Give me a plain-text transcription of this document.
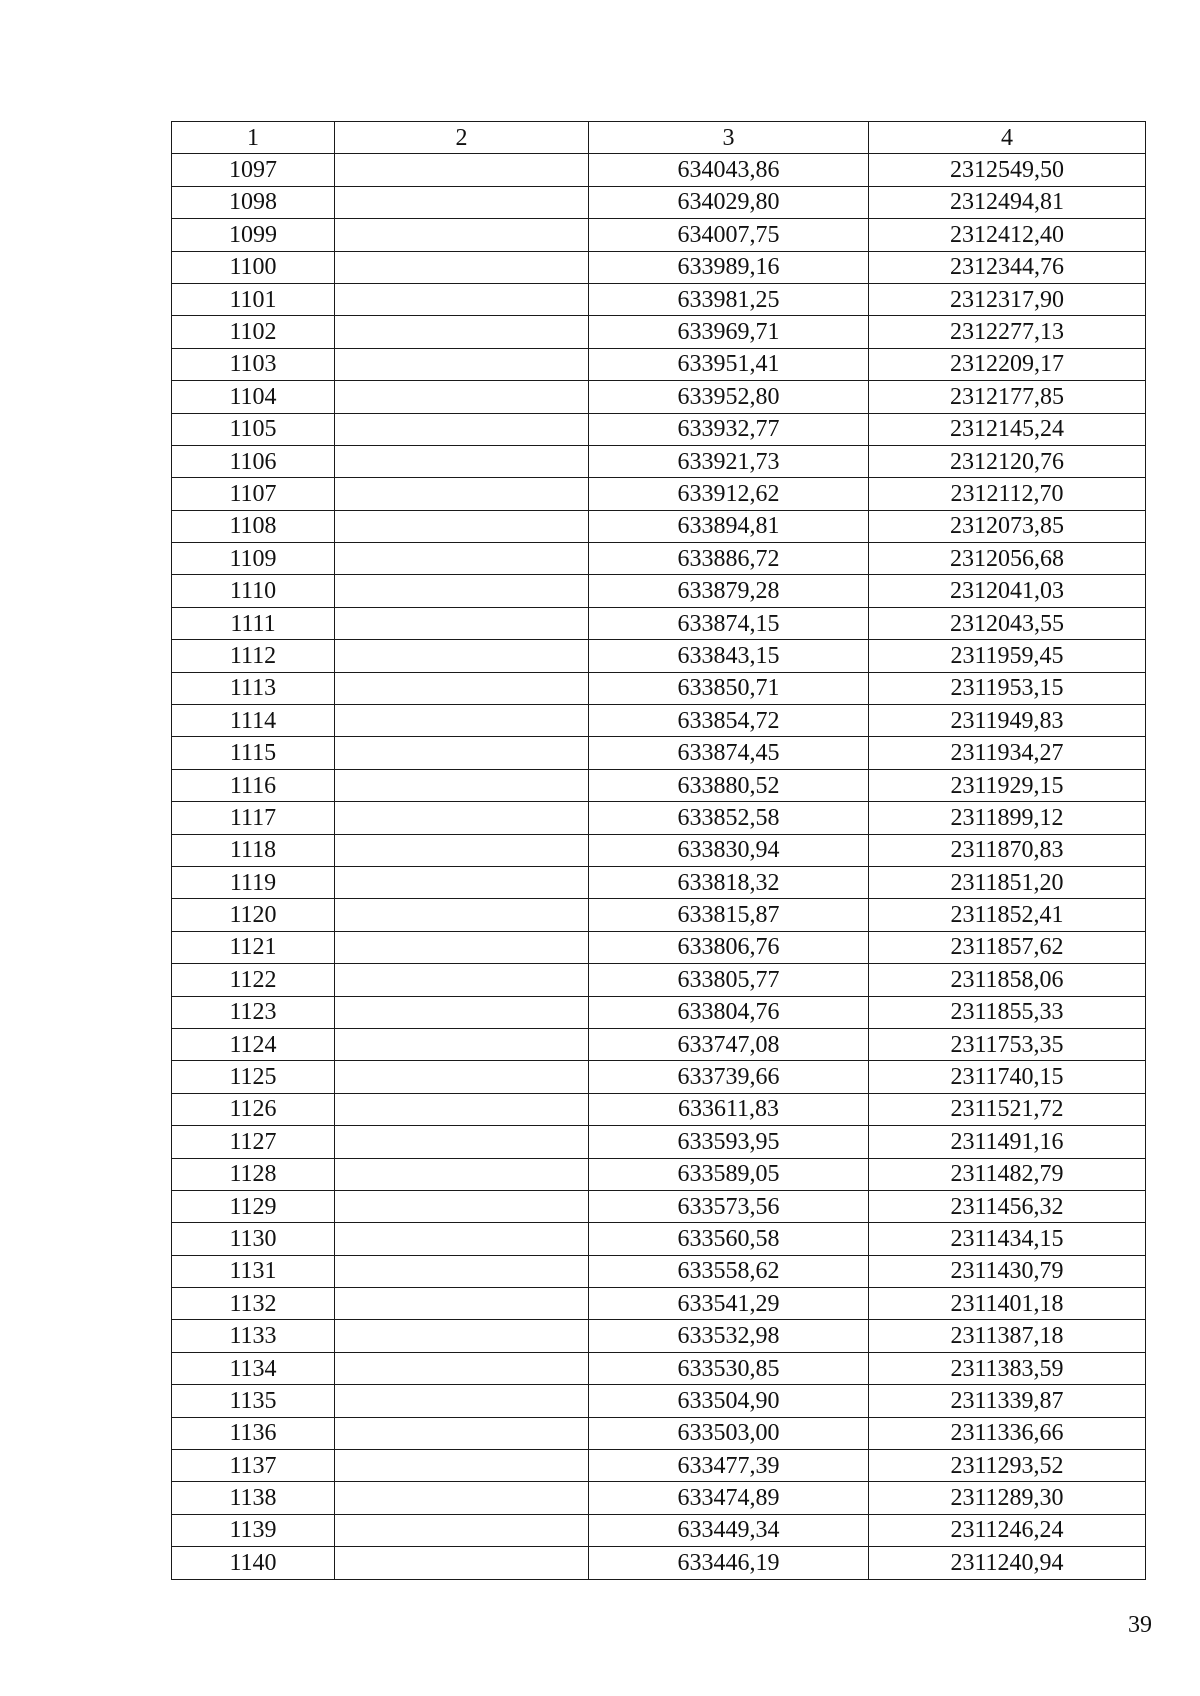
1	2	3	4
1097		634043,86	2312549,50
1098		634029,80	2312494,81
1099		634007,75	2312412,40
1100		633989,16	2312344,76
1101		633981,25	2312317,90
1102		633969,71	2312277,13
1103		633951,41	2312209,17
1104		633952,80	2312177,85
1105		633932,77	2312145,24
1106		633921,73	2312120,76
1107		633912,62	2312112,70
1108		633894,81	2312073,85
1109		633886,72	2312056,68
1110		633879,28	2312041,03
1111		633874,15	2312043,55
1112		633843,15	2311959,45
1113		633850,71	2311953,15
1114		633854,72	2311949,83
1115		633874,45	2311934,27
1116		633880,52	2311929,15
1117		633852,58	2311899,12
1118		633830,94	2311870,83
1119		633818,32	2311851,20
1120		633815,87	2311852,41
1121		633806,76	2311857,62
1122		633805,77	2311858,06
1123		633804,76	2311855,33
1124		633747,08	2311753,35
1125		633739,66	2311740,15
1126		633611,83	2311521,72
1127		633593,95	2311491,16
1128		633589,05	2311482,79
1129		633573,56	2311456,32
1130		633560,58	2311434,15
1131		633558,62	2311430,79
1132		633541,29	2311401,18
1133		633532,98	2311387,18
1134		633530,85	2311383,59
1135		633504,90	2311339,87
1136		633503,00	2311336,66
1137		633477,39	2311293,52
1138		633474,89	2311289,30
1139		633449,34	2311246,24
1140		633446,19	2311240,94
39
